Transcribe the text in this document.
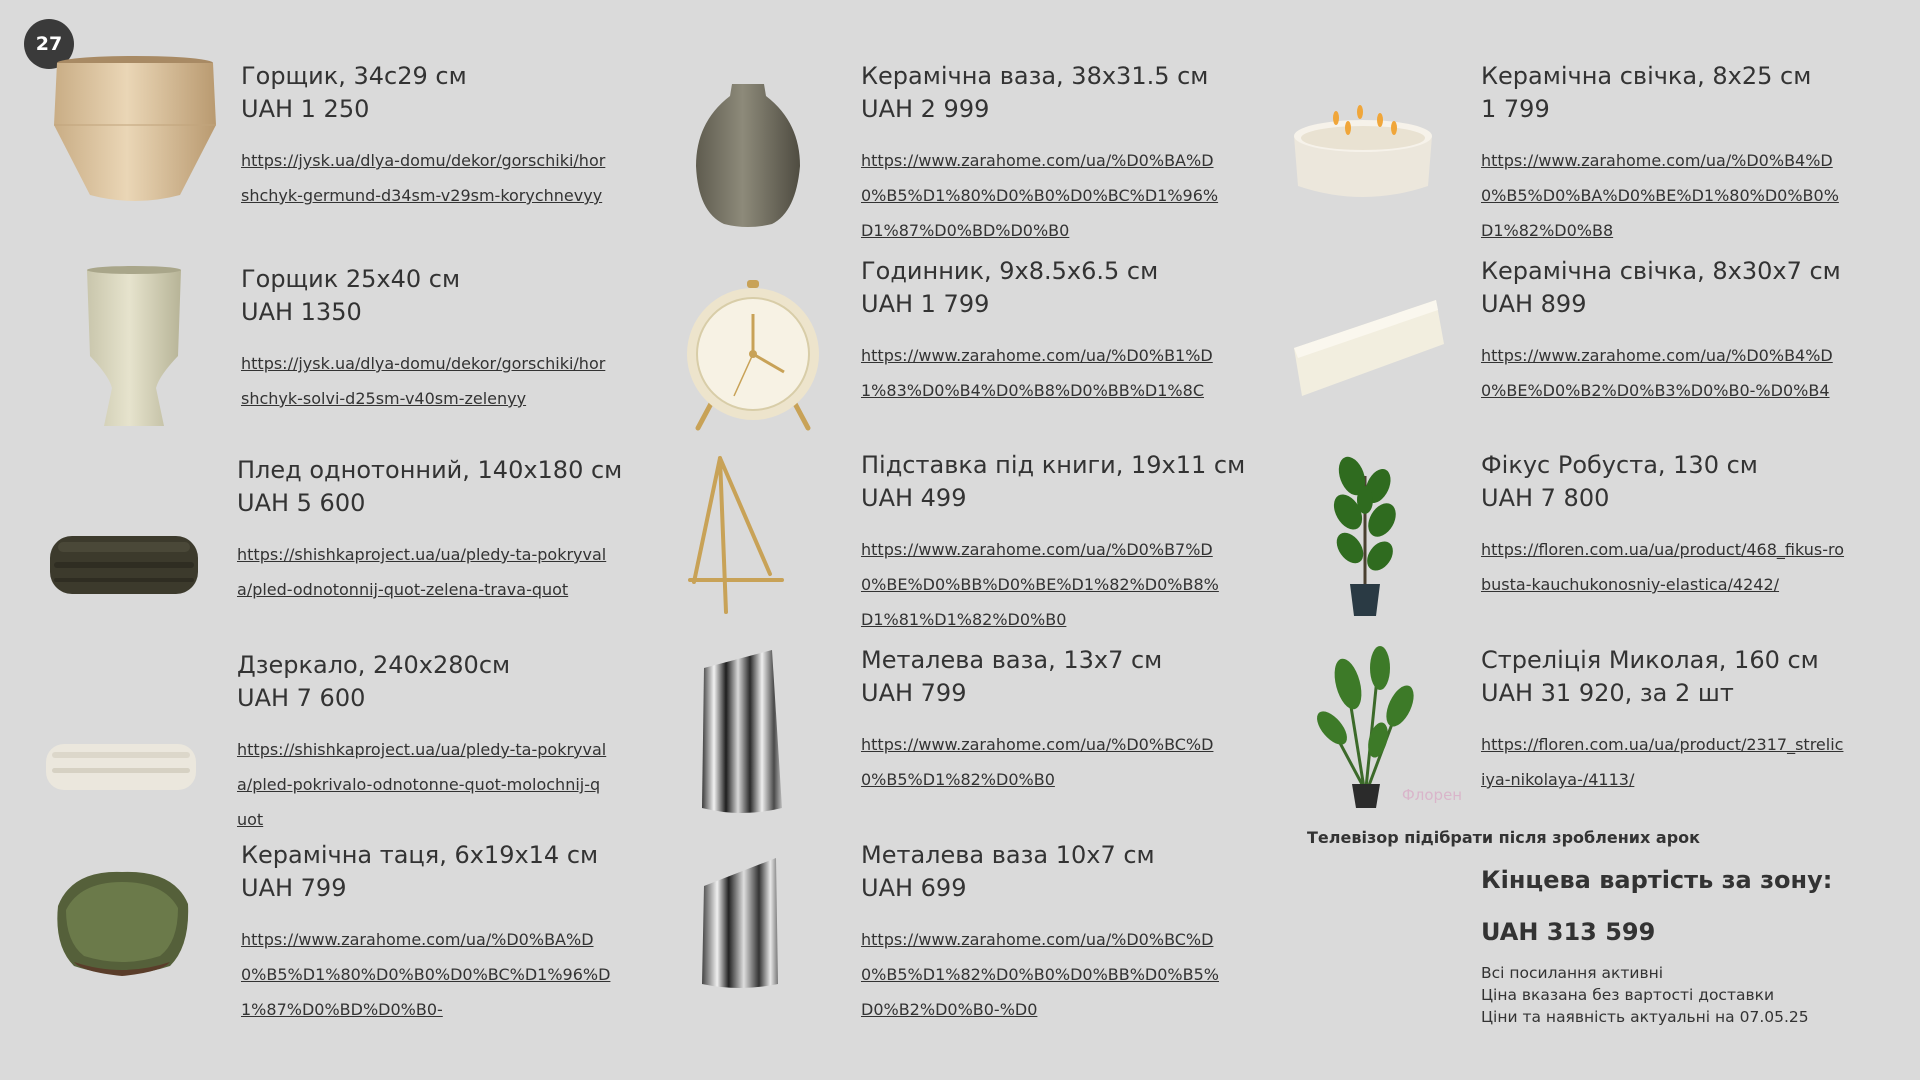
27
Горщик, 34с29 см
UAH 1 250
https://jysk.ua/dlya-domu/dekor/gorschiki/horshchyk-germund-d34sm-v29sm-korychnevyy
Горщик 25х40 см
UAH 1350
https://jysk.ua/dlya-domu/dekor/gorschiki/horshchyk-solvi-d25sm-v40sm-zelenyy
Плед однотонний, 140х180 см
UAH 5 600
https://shishkaproject.ua/ua/pledy-ta-pokryvala/pled-odnotonnij-quot-zelena-trava-quot
Дзеркало, 240х280см
UAH 7 600
https://shishkaproject.ua/ua/pledy-ta-pokryvala/pled-pokrivalo-odnotonne-quot-molochnij-quot
Керамічна таця, 6х19х14 см
UAH 799
https://www.zarahome.com/ua/%D0%BA%D0%B5%D1%80%D0%B0%D0%BC%D1%96%D1%87%D0%BD%D0%B0-
Керамічна ваза, 38х31.5 см
UAH 2 999
https://www.zarahome.com/ua/%D0%BA%D0%B5%D1%80%D0%B0%D0%BC%D1%96%D1%87%D0%BD%D0%B0
Годинник, 9х8.5х6.5 см
UAH 1 799
https://www.zarahome.com/ua/%D0%B1%D1%83%D0%B4%D0%B8%D0%BB%D1%8C
Підставка під книги, 19х11 см
UAH 499
https://www.zarahome.com/ua/%D0%B7%D0%BE%D0%BB%D0%BE%D1%82%D0%B8%D1%81%D1%82%D0%B0
Металева ваза, 13х7 см
UAH 799
https://www.zarahome.com/ua/%D0%BC%D0%B5%D1%82%D0%B0
Металева ваза 10х7 см
UAH 699
https://www.zarahome.com/ua/%D0%BC%D0%B5%D1%82%D0%B0%D0%BB%D0%B5%D0%B2%D0%B0-%D0
Керамічна свічка, 8х25 см
1 799
https://www.zarahome.com/ua/%D0%B4%D0%B5%D0%BA%D0%BE%D1%80%D0%B0%D1%82%D0%B8
Керамічна свічка, 8х30х7 см
UAH 899
https://www.zarahome.com/ua/%D0%B4%D0%BE%D0%B2%D0%B3%D0%B0-%D0%B4
Фікус Робуста, 130 см
UAH 7 800
https://floren.com.ua/ua/product/468_fikus-robusta-kauchukonosniy-elastica/4242/
Флорен
Стреліція Миколая, 160 см
UAH 31 920, за 2 шт
https://floren.com.ua/ua/product/2317_streliciya-nikolaya-/4113/
Телевізор підібрати після зроблених арок
Кінцева вартість за зону:
UAH 313 599
Всі посилання активні
Ціна вказана без вартості доставки
Ціни та наявність актуальні на 07.05.25
